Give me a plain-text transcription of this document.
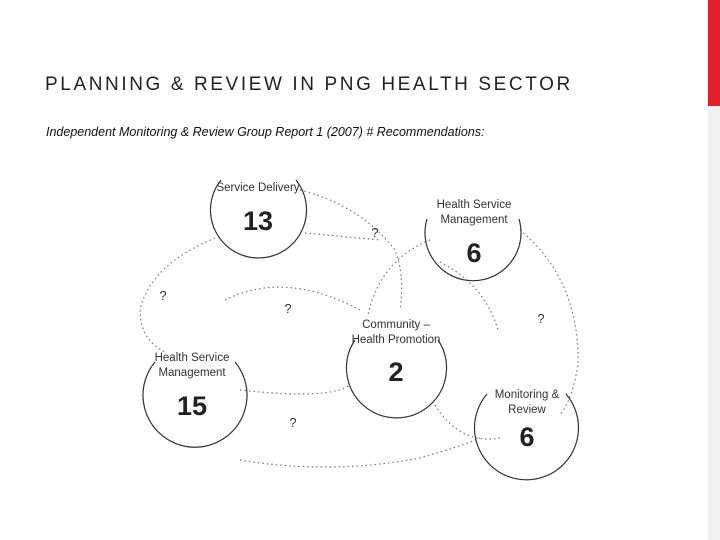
PLANNING & REVIEW IN PNG HEALTH SECTOR

Independent Monitoring & Review Group Report 1 (2007) # Recommendations:

Service Delivery
13
Health Service
Management
6
Community –
Health Promotion
2
Health Service
Management
15	Monitoring &
Review
6
?
?
?
?
?
